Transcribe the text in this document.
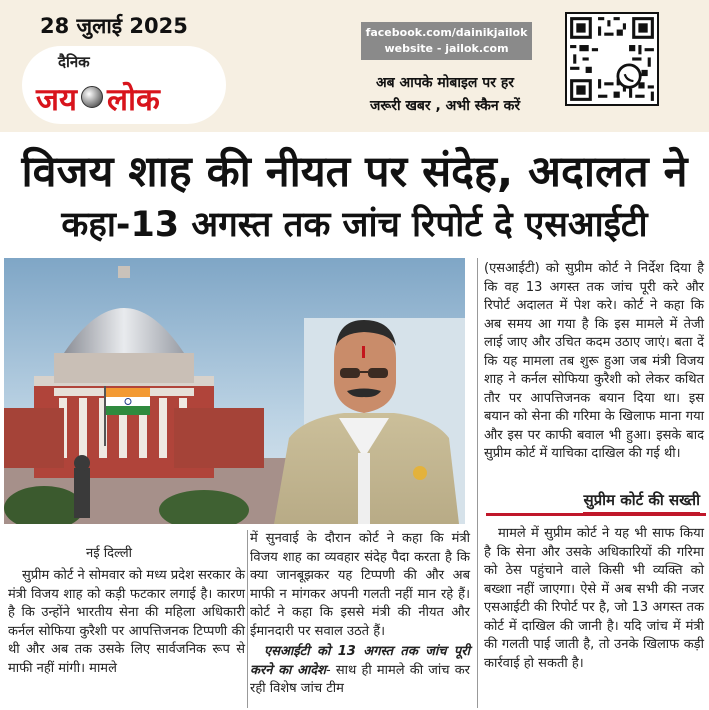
28 जुलाई 2025
दैनिक
जय लोक
facebook.com/dainikjailok
website - jailok.com
अब आपके मोबाइल पर हर
जरूरी खबर , अभी स्कैन करें
विजय शाह की नीयत पर संदेह, अदालत ने
कहा-13 अगस्त तक जांच रिपोर्ट दे एसआईटी
नई दिल्ली

सुप्रीम कोर्ट ने सोमवार को मध्य प्रदेश सरकार के मंत्री विजय शाह को कड़ी फटकार लगाई है। कारण है कि उन्होंने भारतीय सेना की महिला अधिकारी कर्नल सोफिया कुरैशी पर आपत्तिजनक टिप्पणी की थी और अब तक उसके लिए सार्वजनिक रूप से माफी नहीं मांगी। मामले

में सुनवाई के दौरान कोर्ट ने कहा कि मंत्री विजय शाह का व्यवहार संदेह पैदा करता है कि क्या जानबूझकर यह टिप्पणी की और अब माफी न मांगकर अपनी गलती नहीं मान रहे हैं। कोर्ट ने कहा कि इससे मंत्री की नीयत और ईमानदारी पर सवाल उठते हैं।

एसआईटी को 13 अगस्त तक जांच पूरी करने का आदेश- साथ ही मामले की जांच कर रही विशेष जांच टीम

(एसआईटी) को सुप्रीम कोर्ट ने निर्देश दिया है कि वह 13 अगस्त तक जांच पूरी करे और रिपोर्ट अदालत में पेश करे। कोर्ट ने कहा कि अब समय आ गया है कि इस मामले में तेजी लाई जाए और उचित कदम उठाए जाएं। बता दें कि यह मामला तब शुरू हुआ जब मंत्री विजय शाह ने कर्नल सोफिया कुरैशी को लेकर कथित तौर पर आपत्तिजनक बयान दिया था। इस बयान को सेना की गरिमा के खिलाफ माना गया और इस पर काफी बवाल भी हुआ। इसके बाद सुप्रीम कोर्ट में याचिका दाखिल की गई थी।

सुप्रीम कोर्ट की सख्ती

मामले में सुप्रीम कोर्ट ने यह भी साफ किया है कि सेना और उसके अधिकारियों की गरिमा को ठेस पहुंचाने वाले किसी भी व्यक्ति को बख्शा नहीं जाएगा। ऐसे में अब सभी की नजर एसआईटी की रिपोर्ट पर है, जो 13 अगस्त तक कोर्ट में दाखिल की जानी है। यदि जांच में मंत्री की गलती पाई जाती है, तो उनके खिलाफ कड़ी कार्रवाई हो सकती है।
